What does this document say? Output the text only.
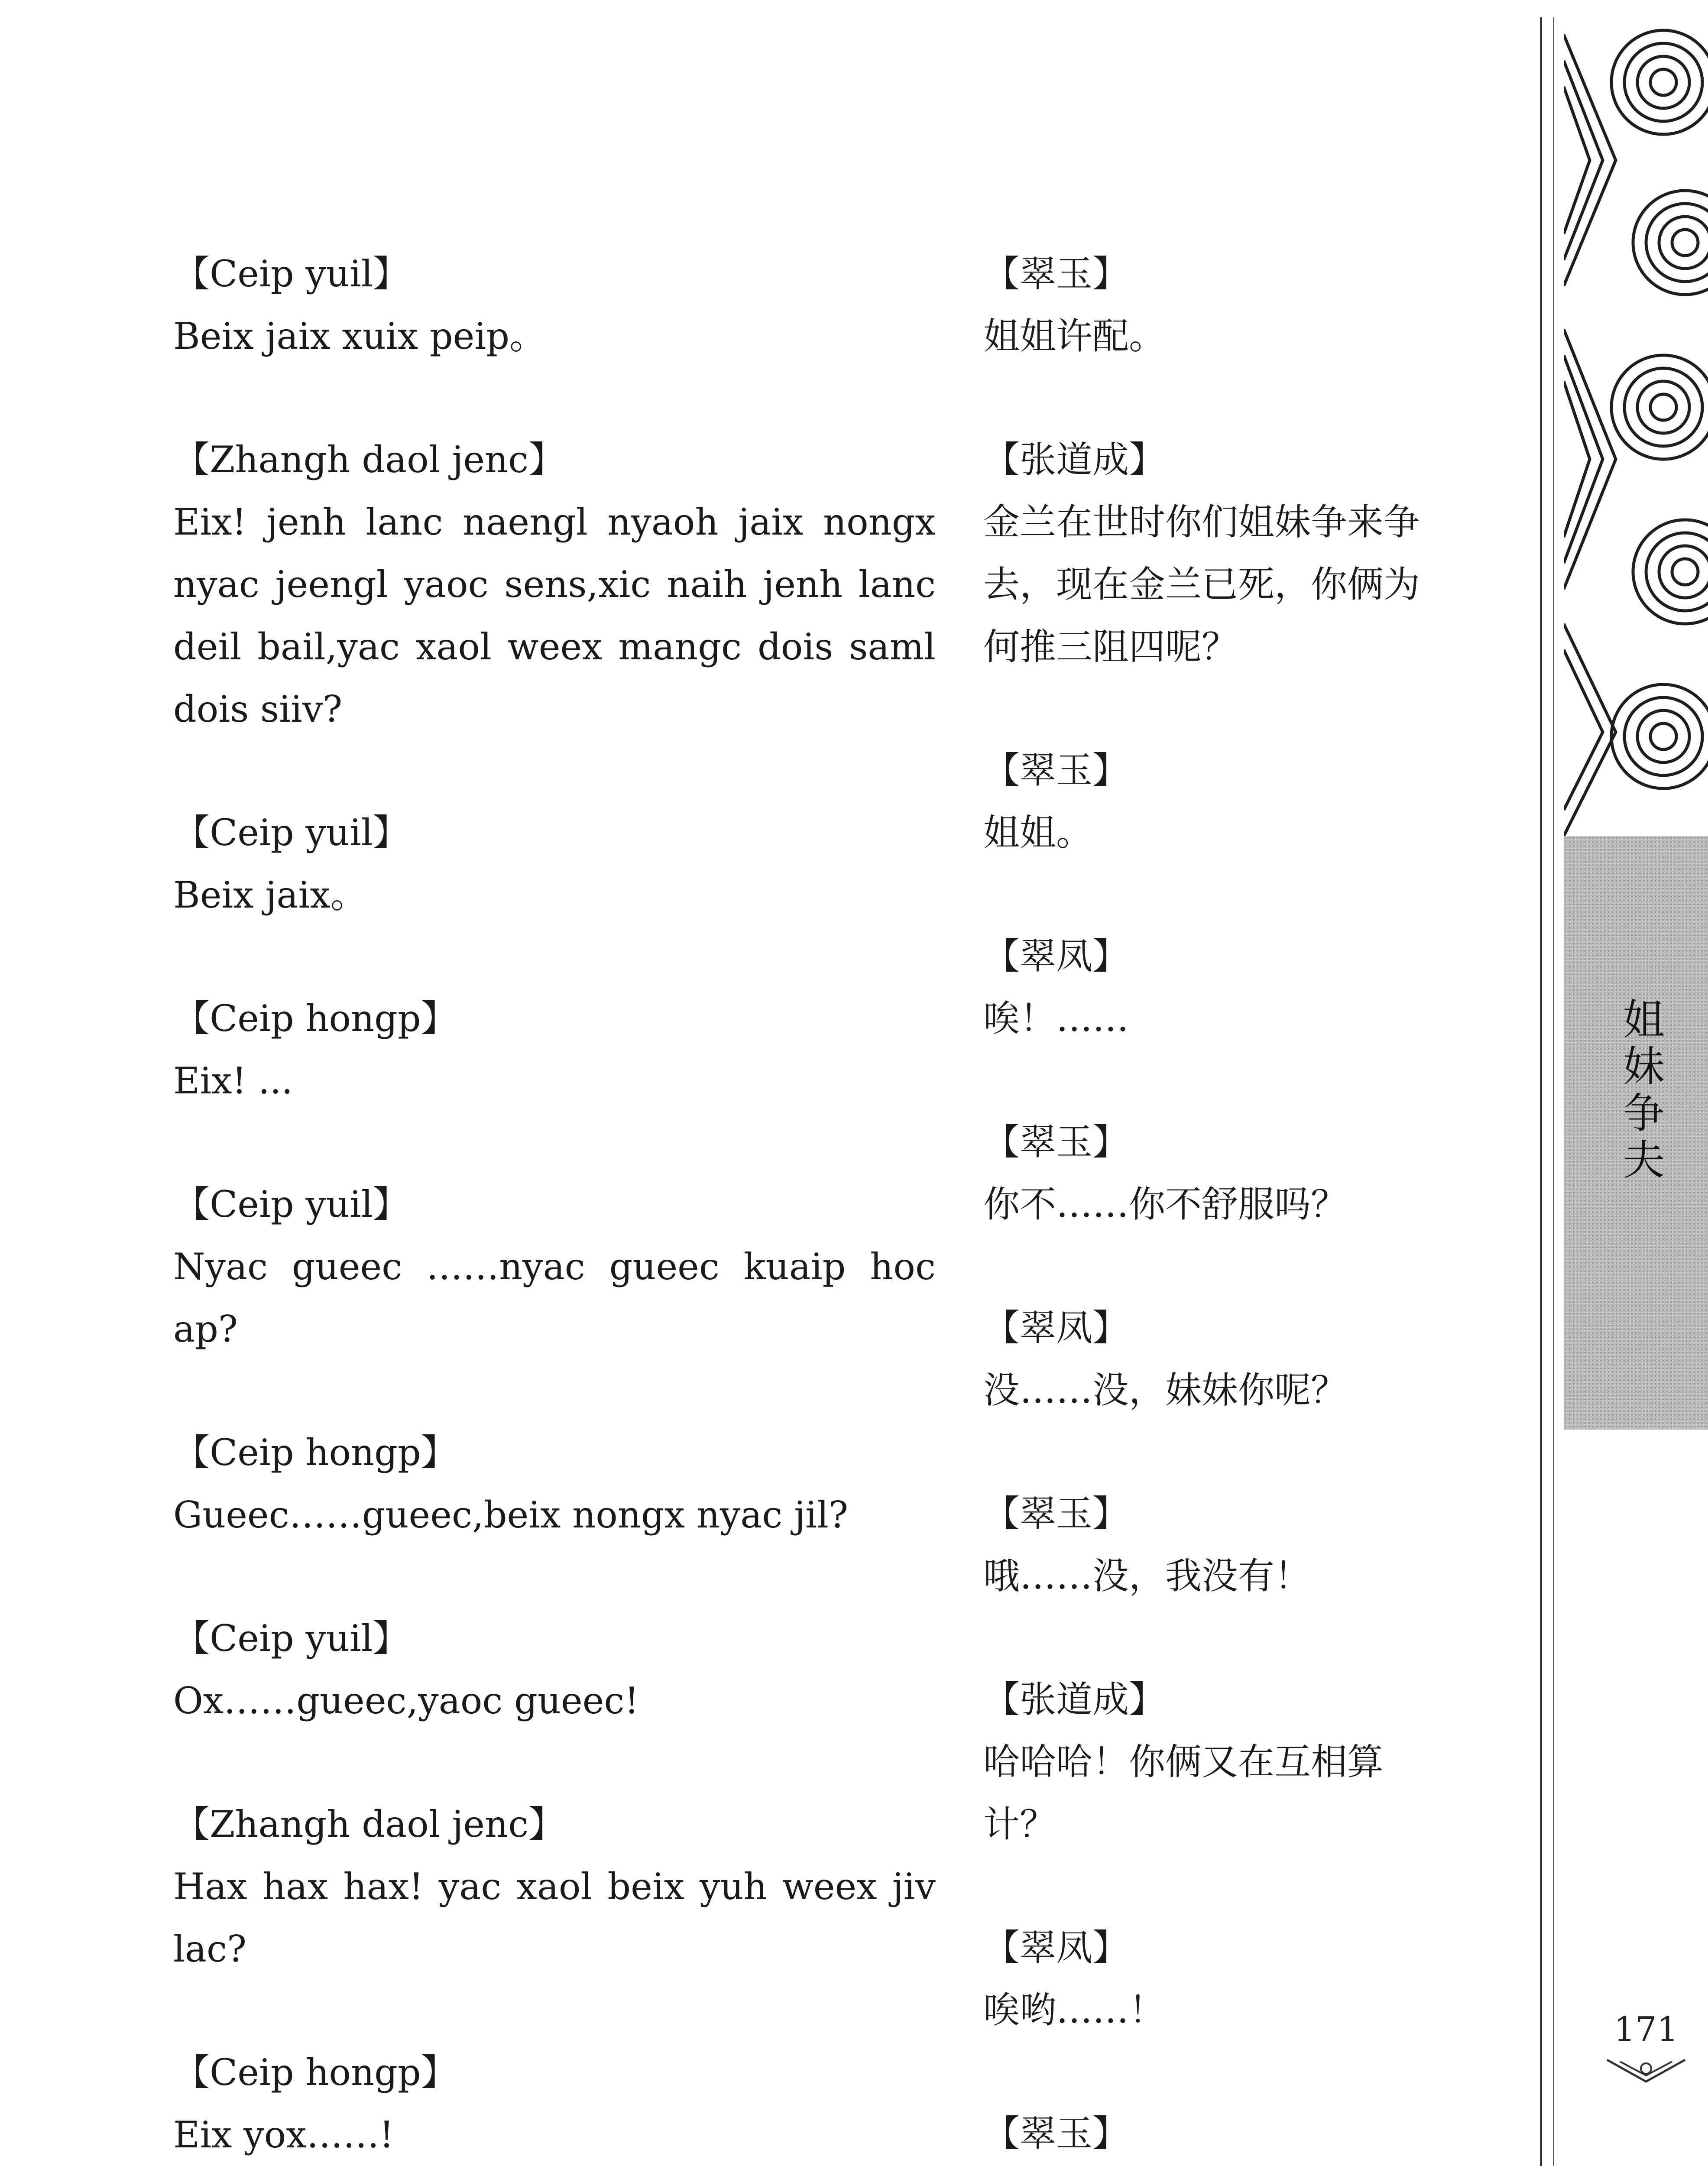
【Ceip yuil】
Beix jaix xuix peip。
【Zhangh daol jenc】
Eix! jenh lanc naengl nyaoh jaix nongx nyac jeengl yaoc sens,xic naih jenh lanc deil bail,yac xaol weex mangc dois saml dois siiv?
【Ceip yuil】
Beix jaix。
【Ceip hongp】
Eix! ...
【Ceip yuil】
Nyac gueec ……nyac gueec kuaip hoc ap?
【Ceip hongp】
Gueec……gueec,beix nongx nyac jil?
【Ceip yuil】
Ox……gueec,yaoc gueec!
【Zhangh daol jenc】
Hax hax hax! yac xaol beix yuh weex jiv lac?
【Ceip hongp】
Eix yox……!
【翠玉】
姐姐许配。
【张道成】
金兰在世时你们姐妹争来争去，现在金兰已死，你俩为何推三阻四呢？
【翠玉】
姐姐。
【翠凤】
唉！……
【翠玉】
你不……你不舒服吗？
【翠凤】
没……没，妹妹你呢？
【翠玉】
哦……没，我没有！
【张道成】
哈哈哈！你俩又在互相算计？
【翠凤】
唉哟……！
【翠玉】
姐妹争夫
171
